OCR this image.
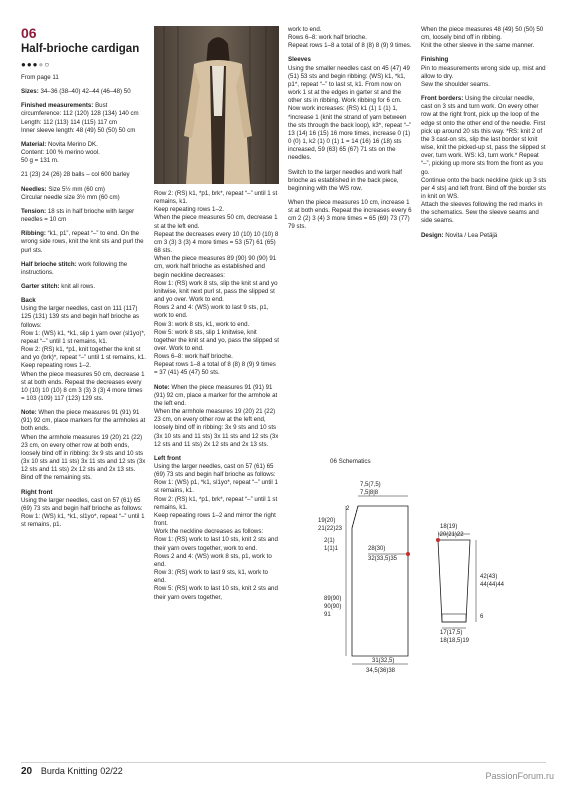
06
Half-brioche cardigan
●●●●○

From page 11

Sizes: 34–36 (38–40) 42–44 (46–48) 50

Finished measurements: Bust circumference: 112 (120) 128 (134) 140 cm
Length: 112 (113) 114 (115) 117 cm
Inner sleeve length: 48 (49) 50 (50) 50 cm

Material: Novita Merino DK.
Content: 100 % merino wool.
50 g = 131 m.

21 (23) 24 (26) 28 balls – col 600 barley

Needles: Size 5½ mm (60 cm)
Circular needle size 3½ mm (60 cm)

Tension: 18 sts in half brioche with larger needles = 10 cm

Ribbing: “k1, p1”, repeat “–” to end. On the wrong side rows, knit the knit sts and purl the purl sts.

Half brioche stitch: work following the instructions.

Garter stitch: knit all rows.

Back
Using the larger needles, cast on 111 (117) 125 (131) 139 sts and begin half brioche as follows:
Row 1: (WS) k1, *k1, slip 1 yarn over (sl1yo)*, repeat “–” until 1 st remains, k1.
Row 2: (RS) k1, *p1, knit together the knit st and yo (brk)*, repeat “–” until 1 st remains, k1.
Keep repeating rows 1–2.
When the piece measures 50 cm, decrease 1 st at both ends. Repeat the decreases every 10 (10) 10 (10) 8 cm 3 (3) 3 (3) 4 more times = 103 (109) 117 (123) 129 sts.

Note: When the piece measures 91 (91) 91 (91) 92 cm, place markers for the armholes at both ends.
When the armhole measures 19 (20) 21 (22) 23 cm, on every other row at both ends, loosely bind off in ribbing: 3x 9 sts and 10 sts (3x 10 sts and 11 sts) 3x 11 sts and 12 sts (3x 12 sts and 11 sts) 2x 12 sts and 2x 13 sts. Bind off the remaining sts.

Right front
Using the larger needles, cast on 57 (61) 65 (69) 73 sts and begin half brioche as follows:
Row 1: (WS) k1, *k1, sl1yo*, repeat “–” until 1 st remains, p1.

Row 2: (RS) k1, *p1, brk*, repeat “–” until 1 st remains, k1.
Keep repeating rows 1–2.
When the piece measures 50 cm, decrease 1 st at the left end.
Repeat the decreases every 10 (10) 10 (10) 8 cm 3 (3) 3 (3) 4 more times = 53 (57) 61 (65) 68 sts.
When the piece measures 89 (90) 90 (90) 91 cm, work half brioche as established and begin neckline decreases:
Row 1: (RS) work 8 sts, slip the knit st and yo knitwise, knit next purl st, pass the slipped st and yo over. Work to end.
Rows 2 and 4: (WS) work to last 9 sts, p1, work to end.
Row 3: work 8 sts, k1, work to end.
Row 5: work 8 sts, slip 1 knitwise, knit together the knit st and yo, pass the slipped st over. Work to end.
Rows 6–8: work half brioche.
Repeat rows 1–8 a total of 8 (8) 8 (9) 9 times = 37 (41) 45 (47) 50 sts.

Note: When the piece measures 91 (91) 91 (91) 92 cm, place a marker for the armhole at the left end.
When the armhole measures 19 (20) 21 (22) 23 cm, on every other row at the left end, loosely bind off in ribbing: 3x 9 sts and 10 sts (3x 10 sts and 11 sts) 3x 11 sts and 12 sts (3x 12 sts and 11 sts) 2x 12 sts and 2x 13 sts.

Left front
Using the larger needles, cast on 57 (61) 65 (69) 73 sts and begin half brioche as follows:
Row 1: (WS) p1, *k1, sl1yo*, repeat “–” until 1 st remains, k1.
Row 2: (RS) k1, *p1, brk*, repeat “–” until 1 st remains, k1.
Keep repeating rows 1–2 and mirror the right front.
Work the neckline decreases as follows:
Row 1: (RS) work to last 10 sts, knit 2 sts and their yarn overs together, work to end.
Rows 2 and 4: (WS) work 8 sts, p1, work to end.
Row 3: (RS) work to last 9 sts, k1, work to end.
Row 5: (RS) work to last 10 sts, knit 2 sts and their yarn overs together,

work to end.
Rows 6–8: work half brioche.
Repeat rows 1–8 a total of 8 (8) 8 (9) 9 times.

Sleeves
Using the smaller needles cast on 45 (47) 49 (51) 53 sts and begin ribbing: (WS) k1, *k1, p1*, repeat “–” to last st, k1. From now on work 1 st at the edges in garter st and the other sts in ribbing. Work ribbing for 6 cm.
Now work increases: (RS) k1 (1) 1 (1) 1, *increase 1 (knit the strand of yarn between the sts through the back loop), k3*, repeat “–” 13 (14) 16 (15) 16 more times, increase 0 (1) 0 (0) 1, k2 (1) 0 (1) 1 = 14 (16) 16 (18) sts increased, 59 (63) 65 (67) 71 sts on the needles.

Switch to the larger needles and work half brioche as established in the back piece, beginning with the WS row.

When the piece measures 10 cm, increase 1 st at both ends. Repeat the increases every 6 cm 2 (2) 3 (4) 3 more times = 65 (69) 73 (77) 79 sts.

When the piece measures 48 (49) 50 (50) 50 cm, loosely bind off in ribbing.
Knit the other sleeve in the same manner.

Finishing
Pin to measurements wrong side up, mist and allow to dry.
Sew the shoulder seams.

Front borders: Using the circular needle, cast on 3 sts and turn work. On every other row at the right front, pick up the loop of the edge st onto the other end of the needle. First pick up around 20 sts this way. *RS: knit 2 of the 3 cast-on sts, slip the last border st knit wise, knit the picked-up st, pass the slipped st over, turn work. WS: k3, turn work.* Repeat “–”, picking up more sts from the front as you go.
Continue onto the back neckline (pick up 3 sts per 4 sts) and left front. Bind off the border sts in knit on WS.
Attach the sleeves following the red marks in the schematics. Sew the sleeve seams and side seams.

Design: Novita / Lea Petäjä

06 Schematics
7,5(7,5)
7,5|8|8
2
19(20)
21(22)23
2(1)
1(1)1	28(30)
32(33,5)35
89(90)
90(90)
91
31(32,5)
34,5(36)38
18(19)
|20(21)22
42(43)
44(44)44
6
17(17,5)
18(18,5)19
20 Burda Knitting 02/22	PassionForum.ru
